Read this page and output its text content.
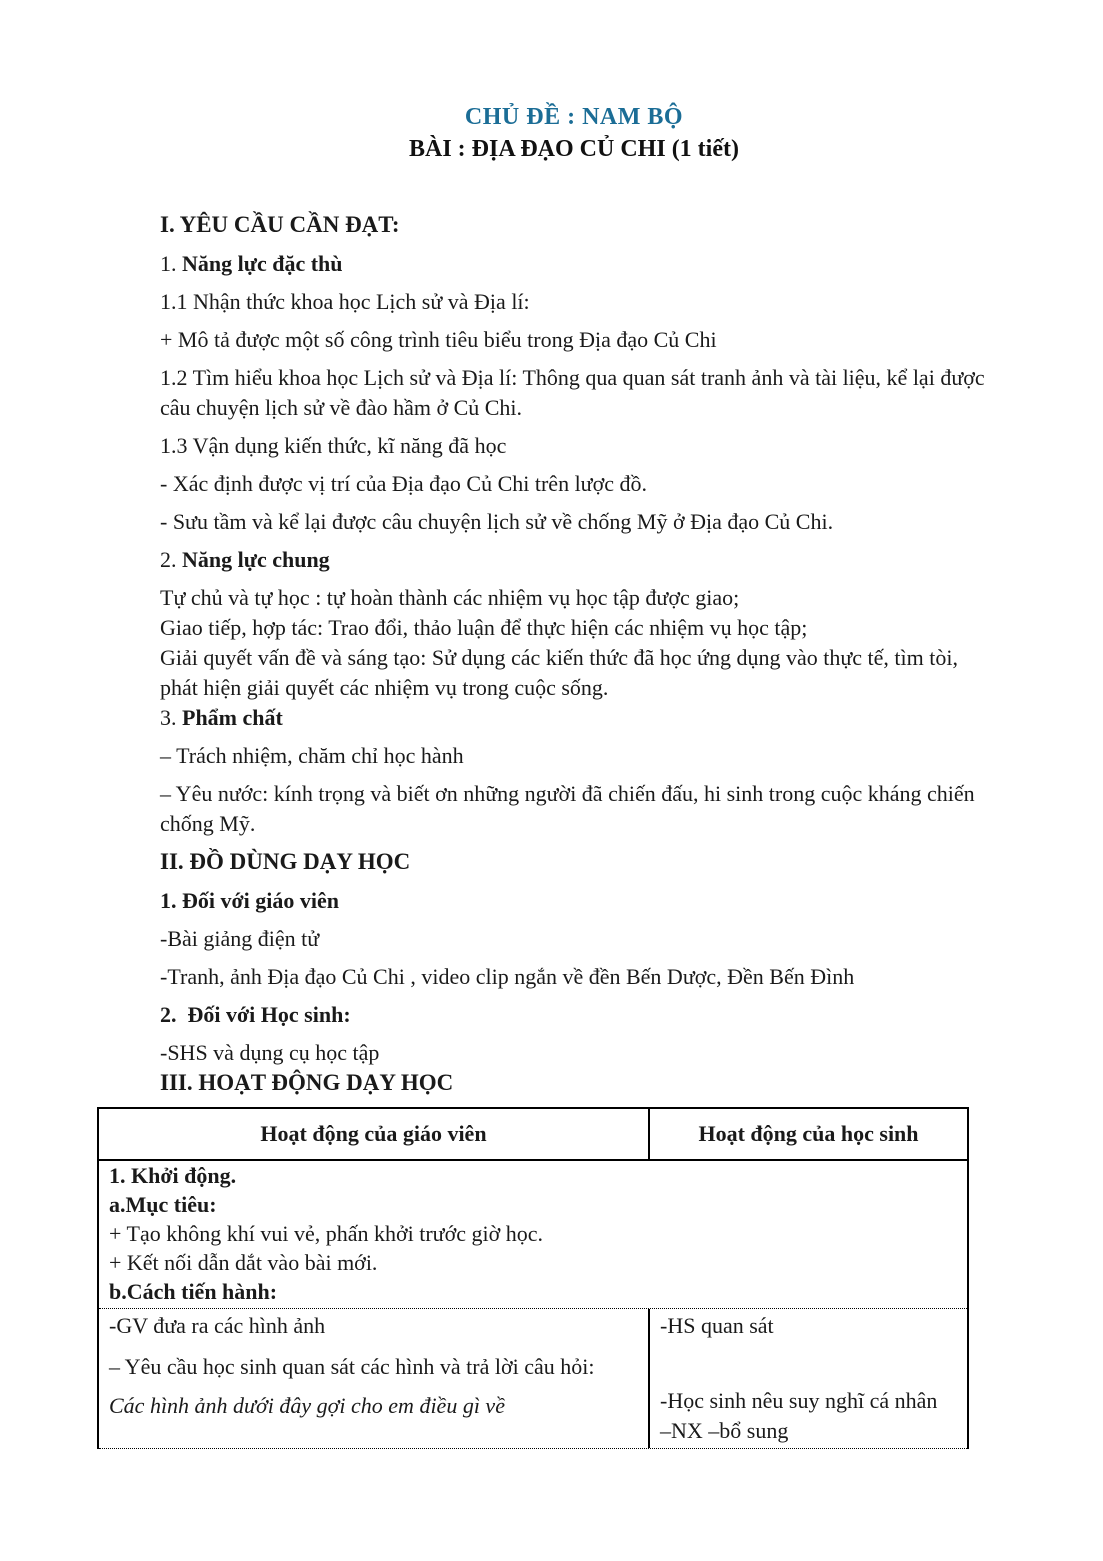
CHỦ ĐỀ : NAM BỘ
BÀI : ĐỊA ĐẠO CỦ CHI (1 tiết)

I. YÊU CẦU CẦN ĐẠT:

1. Năng lực đặc thù

1.1 Nhận thức khoa học Lịch sử và Địa lí:

+ Mô tả được một số công trình tiêu biểu trong Địa đạo Củ Chi

1.2 Tìm hiểu khoa học Lịch sử và Địa lí: Thông qua quan sát tranh ảnh và tài liệu, kể lại được câu chuyện lịch sử về đào hầm ở Củ Chi.

1.3 Vận dụng kiến thức, kĩ năng đã học

- Xác định được vị trí của Địa đạo Củ Chi trên lược đồ.

- Sưu tầm và kể lại được câu chuyện lịch sử về chống Mỹ ở Địa đạo Củ Chi.

2. Năng lực chung

Tự chủ và tự học : tự hoàn thành các nhiệm vụ học tập được giao;

Giao tiếp, hợp tác: Trao đổi, thảo luận để thực hiện các nhiệm vụ học tập;

Giải quyết vấn đề và sáng tạo: Sử dụng các kiến thức đã học ứng dụng vào thực tế, tìm tòi, phát hiện giải quyết các nhiệm vụ trong cuộc sống.

3. Phẩm chất

– Trách nhiệm, chăm chỉ học hành

– Yêu nước: kính trọng và biết ơn những người đã chiến đấu, hi sinh trong cuộc kháng chiến chống Mỹ.

II. ĐỒ DÙNG DẠY HỌC

1. Đối với giáo viên

-Bài giảng điện tử

-Tranh, ảnh Địa đạo Củ Chi , video clip ngắn về đền Bến Dược, Đền Bến Đình

2.  Đối với Học sinh:

-SHS và dụng cụ học tập

III. HOẠT ĐỘNG DẠY HỌC

Hoạt động của giáo viên	Hoạt động của học sinh

1. Khởi động.

a.Mục tiêu:

+ Tạo không khí vui vẻ, phấn khởi trước giờ học.

+ Kết nối dẫn dắt vào bài mới.

b.Cách tiến hành:

-GV đưa ra các hình ảnh

– Yêu cầu học sinh quan sát các hình và trả lời câu hỏi:

Các hình ảnh dưới đây gợi cho em điều gì về

-HS quan sát

-Học sinh nêu suy nghĩ cá nhân

–NX –bổ sung
